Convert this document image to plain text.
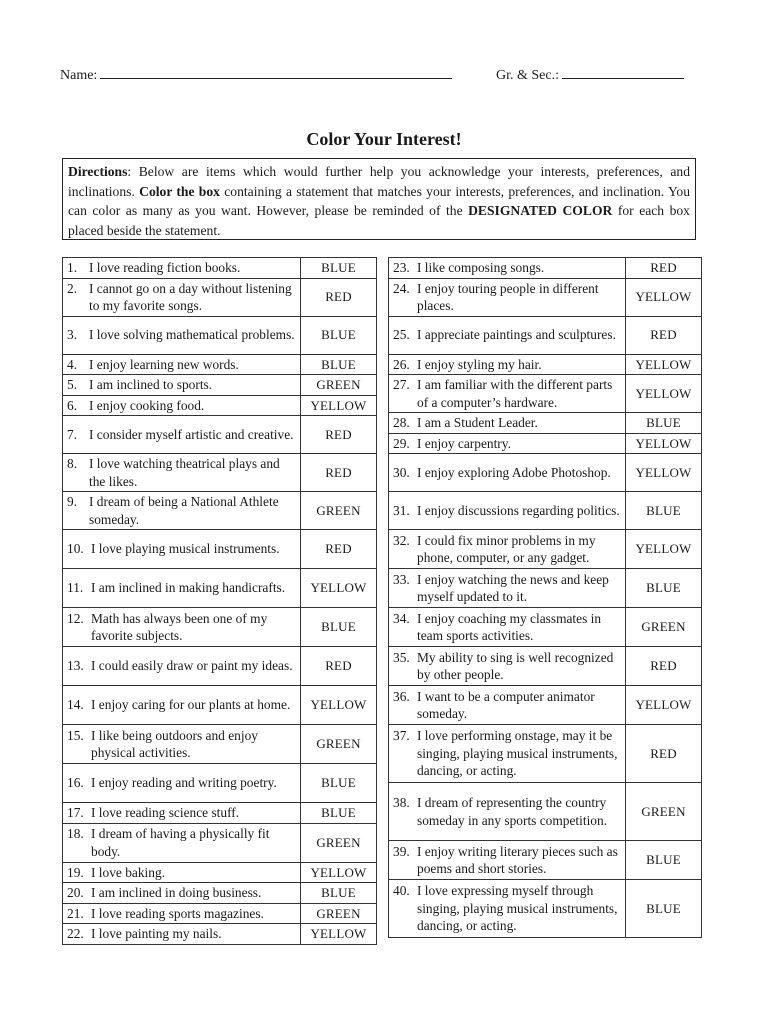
Name:	Gr. & Sec.:
Color Your Interest!
Directions: Below are items which would further help you acknowledge your interests, preferences, and inclinations. Color the box containing a statement that matches your interests, preferences, and inclination. You can color as many as you want. However, please be reminded of the DESIGNATED COLOR for each box placed beside the statement.
1. I love reading fiction books.	BLUE

2. I cannot go on a day without listening to my favorite songs.	RED

3. I love solving mathematical problems.	BLUE

4. I enjoy learning new words.	BLUE

5. I am inclined to sports.	GREEN

6. I enjoy cooking food.	YELLOW

7. I consider myself artistic and creative.	RED

8. I love watching theatrical plays and the likes.	RED

9. I dream of being a National Athlete someday.	GREEN

10. I love playing musical instruments.	RED

11. I am inclined in making handicrafts.	YELLOW

12. Math has always been one of my favorite subjects.	BLUE

13. I could easily draw or paint my ideas.	RED

14. I enjoy caring for our plants at home.	YELLOW

15. I like being outdoors and enjoy physical activities.	GREEN

16. I enjoy reading and writing poetry.	BLUE

17. I love reading science stuff.	BLUE

18. I dream of having a physically fit body.	GREEN

19. I love baking.	YELLOW

20. I am inclined in doing business.	BLUE

21. I love reading sports magazines.	GREEN

22. I love painting my nails.	YELLOW
23. I like composing songs.	RED

24. I enjoy touring people in different places.	YELLOW

25. I appreciate paintings and sculptures.	RED

26. I enjoy styling my hair.	YELLOW

27. I am familiar with the different parts of a computer’s hardware.	YELLOW

28. I am a Student Leader.	BLUE

29. I enjoy carpentry.	YELLOW

30. I enjoy exploring Adobe Photoshop.	YELLOW

31. I enjoy discussions regarding politics.	BLUE

32. I could fix minor problems in my phone, computer, or any gadget.	YELLOW

33. I enjoy watching the news and keep myself updated to it.	BLUE

34. I enjoy coaching my classmates in team sports activities.	GREEN

35. My ability to sing is well recognized by other people.	RED

36. I want to be a computer animator someday.	YELLOW

37. I love performing onstage, may it be singing, playing musical instruments, dancing, or acting.	RED

38. I dream of representing the country someday in any sports competition.	GREEN

39. I enjoy writing literary pieces such as poems and short stories.	BLUE

40. I love expressing myself through singing, playing musical instruments, dancing, or acting.	BLUE
